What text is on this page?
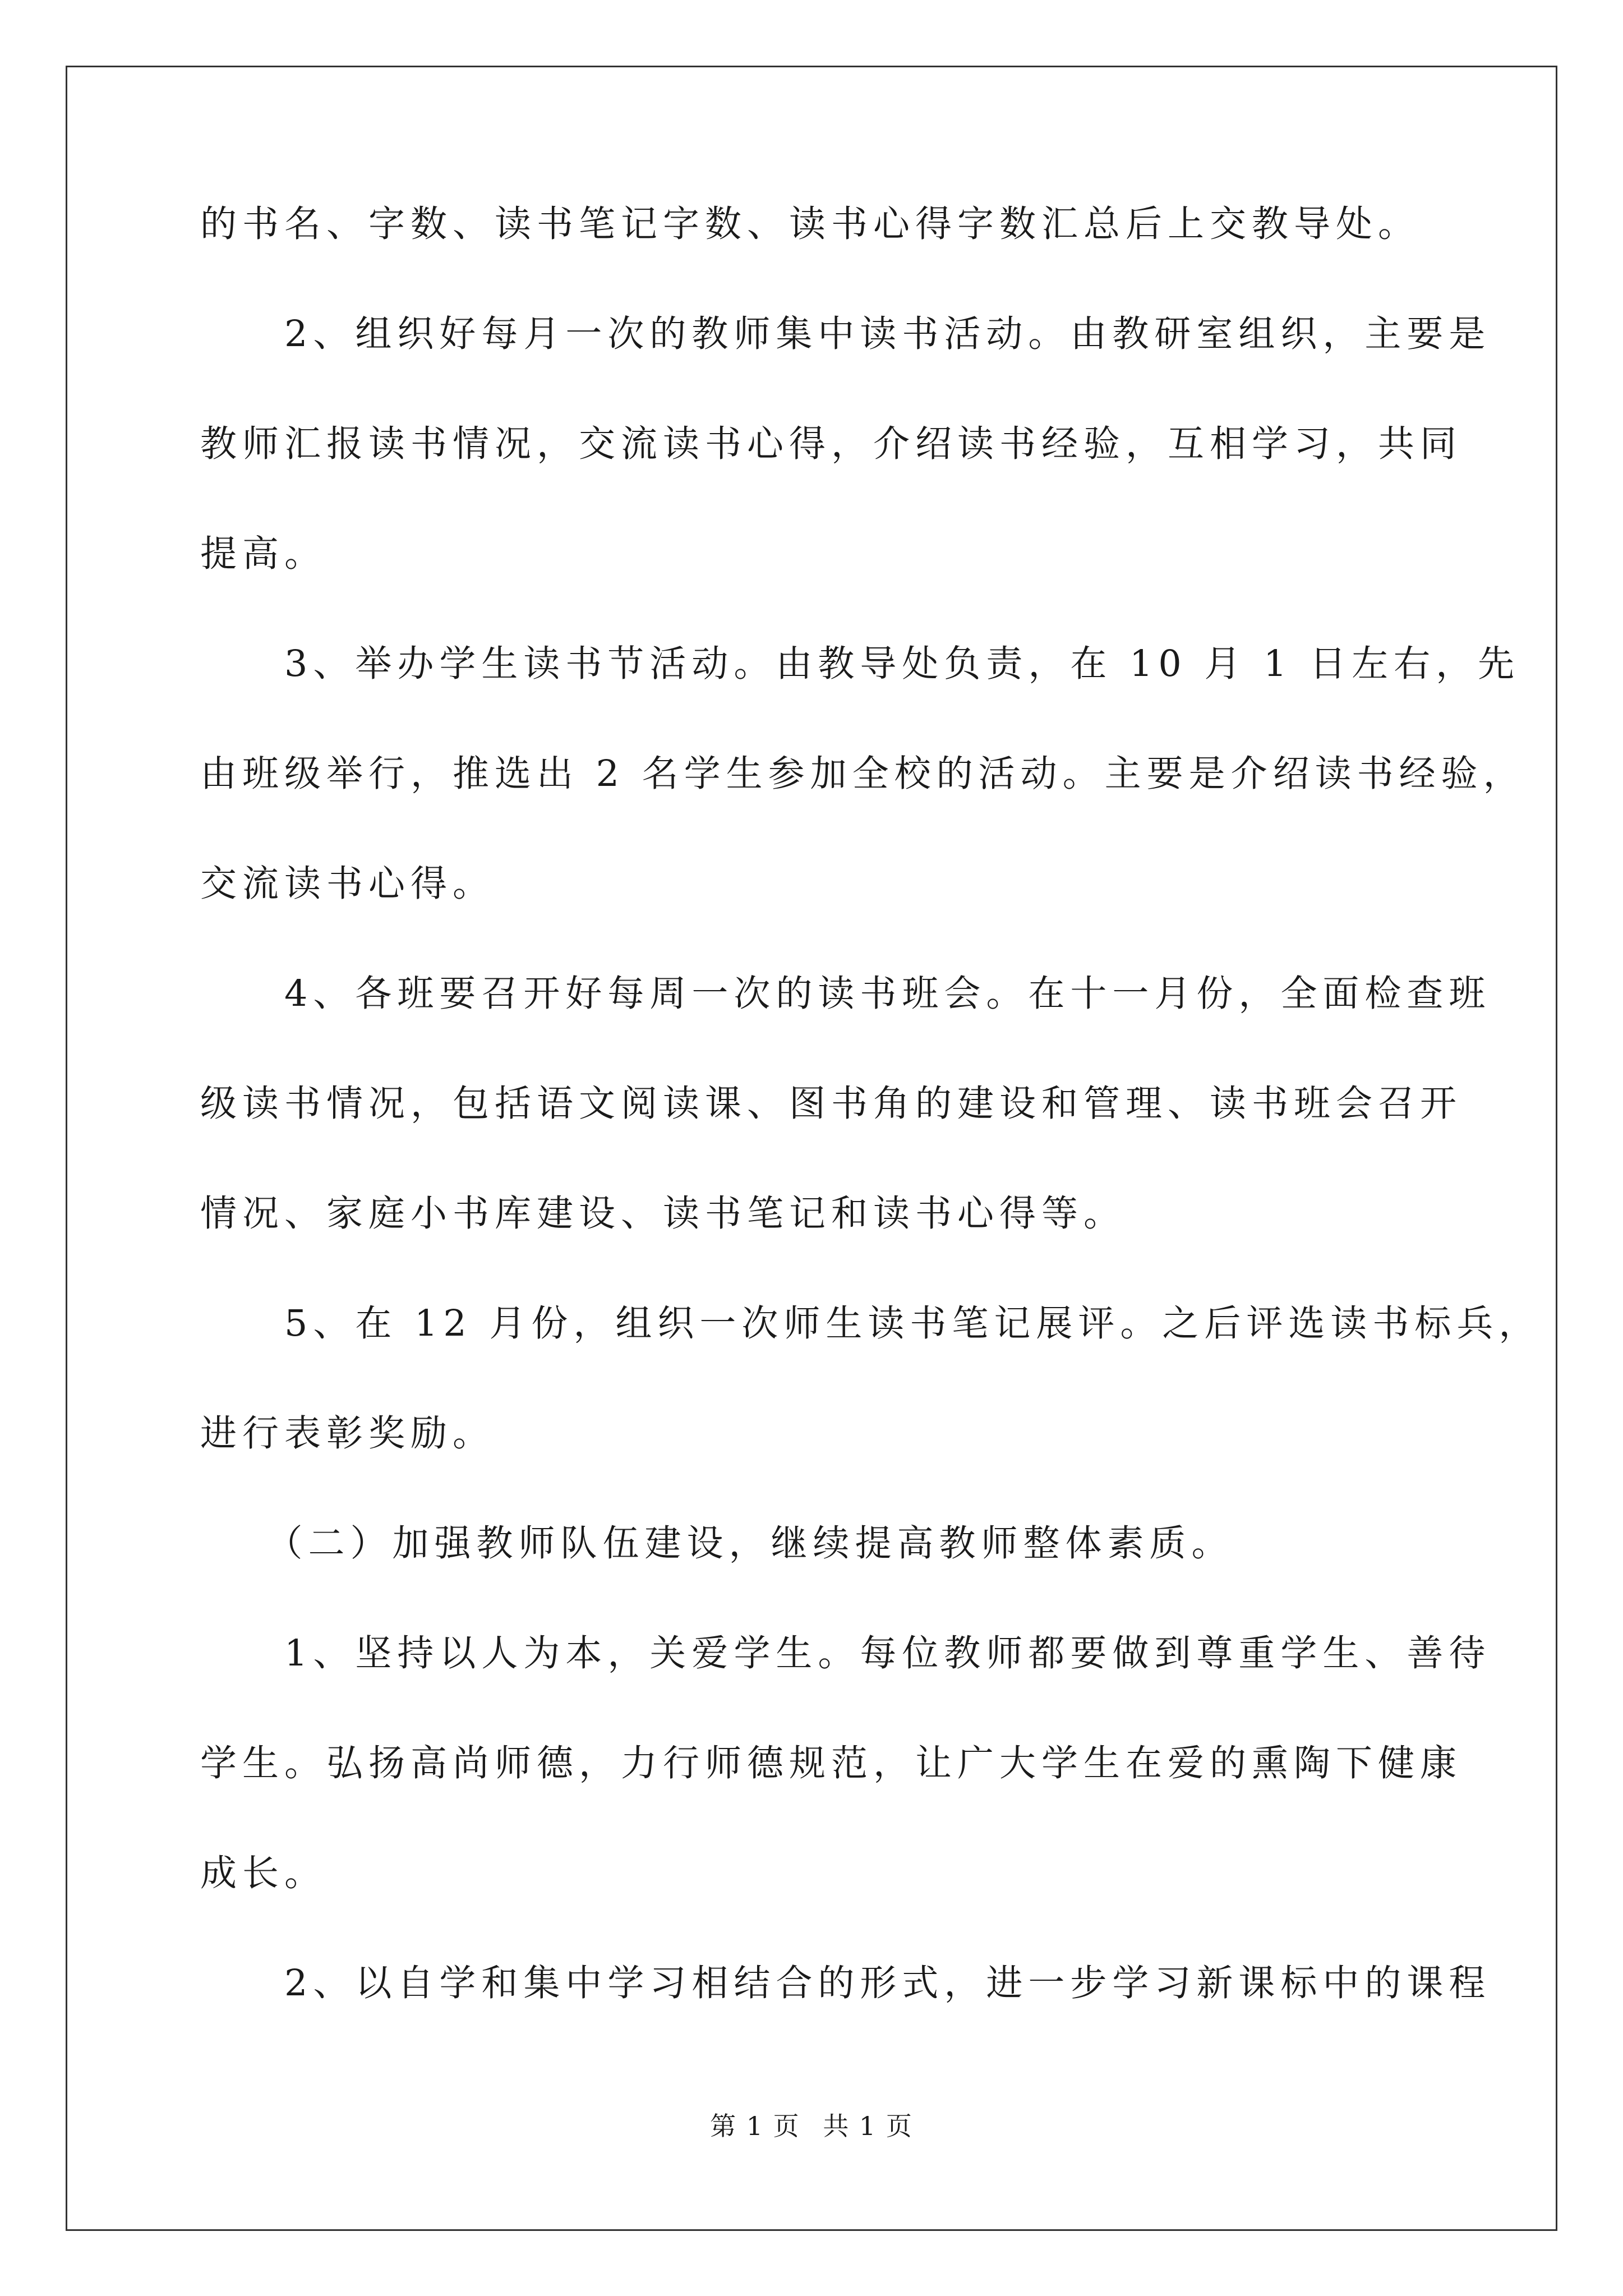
的书名、字数、读书笔记字数、读书心得字数汇总后上交教导处。
　　2、组织好每月一次的教师集中读书活动。由教研室组织，主要是
教师汇报读书情况，交流读书心得，介绍读书经验，互相学习，共同
提高。
　　3、举办学生读书节活动。由教导处负责，在 10 月 1 日左右，先
由班级举行，推选出 2 名学生参加全校的活动。主要是介绍读书经验，
交流读书心得。
　　4、各班要召开好每周一次的读书班会。在十一月份，全面检查班
级读书情况，包括语文阅读课、图书角的建设和管理、读书班会召开
情况、家庭小书库建设、读书笔记和读书心得等。
　　5、在 12 月份，组织一次师生读书笔记展评。之后评选读书标兵，
进行表彰奖励。
　　（二）加强教师队伍建设，继续提高教师整体素质。
　　1、坚持以人为本，关爱学生。每位教师都要做到尊重学生、善待
学生。弘扬高尚师德，力行师德规范，让广大学生在爱的熏陶下健康
成长。
　　2、以自学和集中学习相结合的形式，进一步学习新课标中的课程
第 1 页 共 1 页
